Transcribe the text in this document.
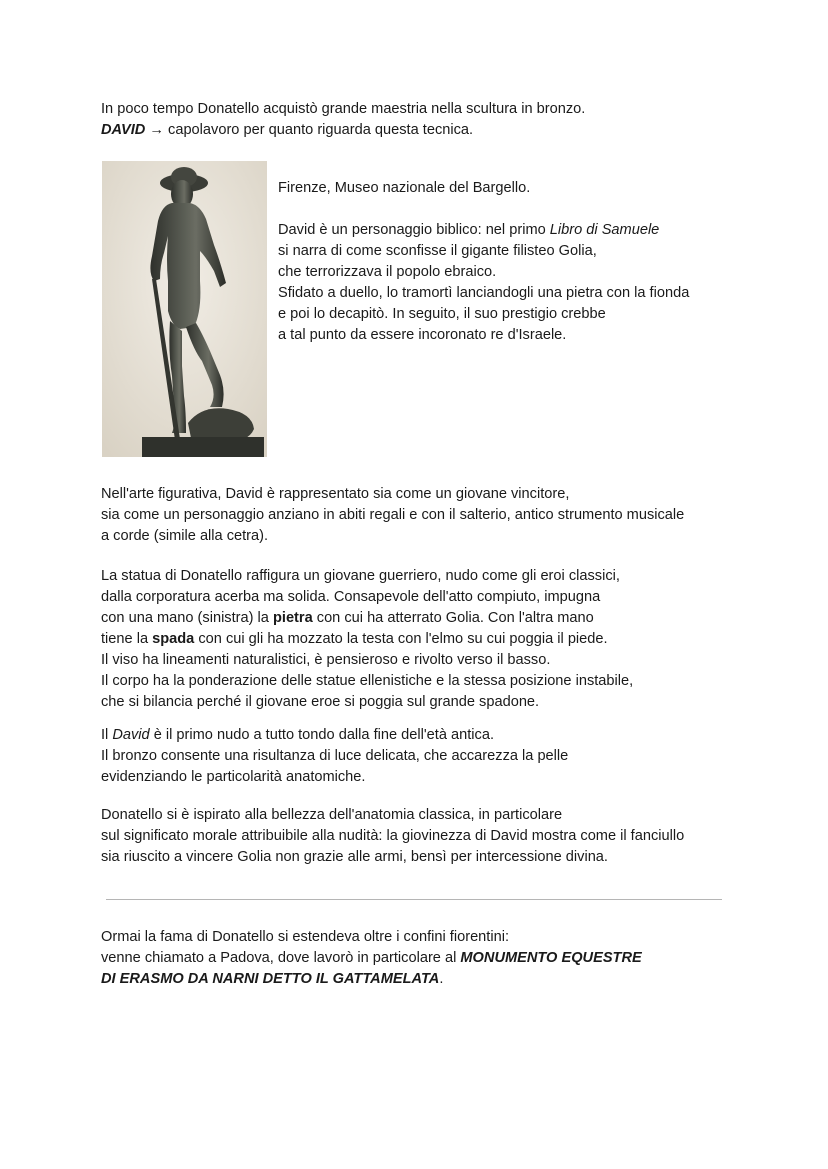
In poco tempo Donatello acquistò grande maestria nella scultura in bronzo.
DAVID → capolavoro per quanto riguarda questa tecnica.
Firenze, Museo nazionale del Bargello.
David è un personaggio biblico: nel primo Libro di Samuele
si narra di come sconfisse il gigante filisteo Golia,
che terrorizzava il popolo ebraico.
Sfidato a duello, lo tramortì lanciandogli una pietra con la fionda
e poi lo decapitò. In seguito, il suo prestigio crebbe
a tal punto da essere incoronato re d'Israele.
Nell'arte figurativa, David è rappresentato sia come un giovane vincitore,
sia come un personaggio anziano in abiti regali e con il salterio, antico strumento musicale
a corde (simile alla cetra).
La statua di Donatello raffigura un giovane guerriero, nudo come gli eroi classici,
dalla corporatura acerba ma solida. Consapevole dell'atto compiuto, impugna
con una mano (sinistra) la pietra con cui ha atterrato Golia. Con l'altra mano
tiene la spada con cui gli ha mozzato la testa con l'elmo su cui poggia il piede.
Il viso ha lineamenti naturalistici, è pensieroso e rivolto verso il basso.
Il corpo ha la ponderazione delle statue ellenistiche e la stessa posizione instabile,
che si bilancia perché il giovane eroe si poggia sul grande spadone.
Il David è il primo nudo a tutto tondo dalla fine dell'età antica.
Il bronzo consente una risultanza di luce delicata, che accarezza la pelle
evidenziando le particolarità anatomiche.
Donatello si è ispirato alla bellezza dell'anatomia classica, in particolare
sul significato morale attribuibile alla nudità: la giovinezza di David mostra come il fanciullo
sia riuscito a vincere Golia non grazie alle armi, bensì per intercessione divina.
Ormai la fama di Donatello si estendeva oltre i confini fiorentini:
venne chiamato a Padova, dove lavorò in particolare al MONUMENTO EQUESTRE
DI ERASMO DA NARNI DETTO IL GATTAMELATA.
